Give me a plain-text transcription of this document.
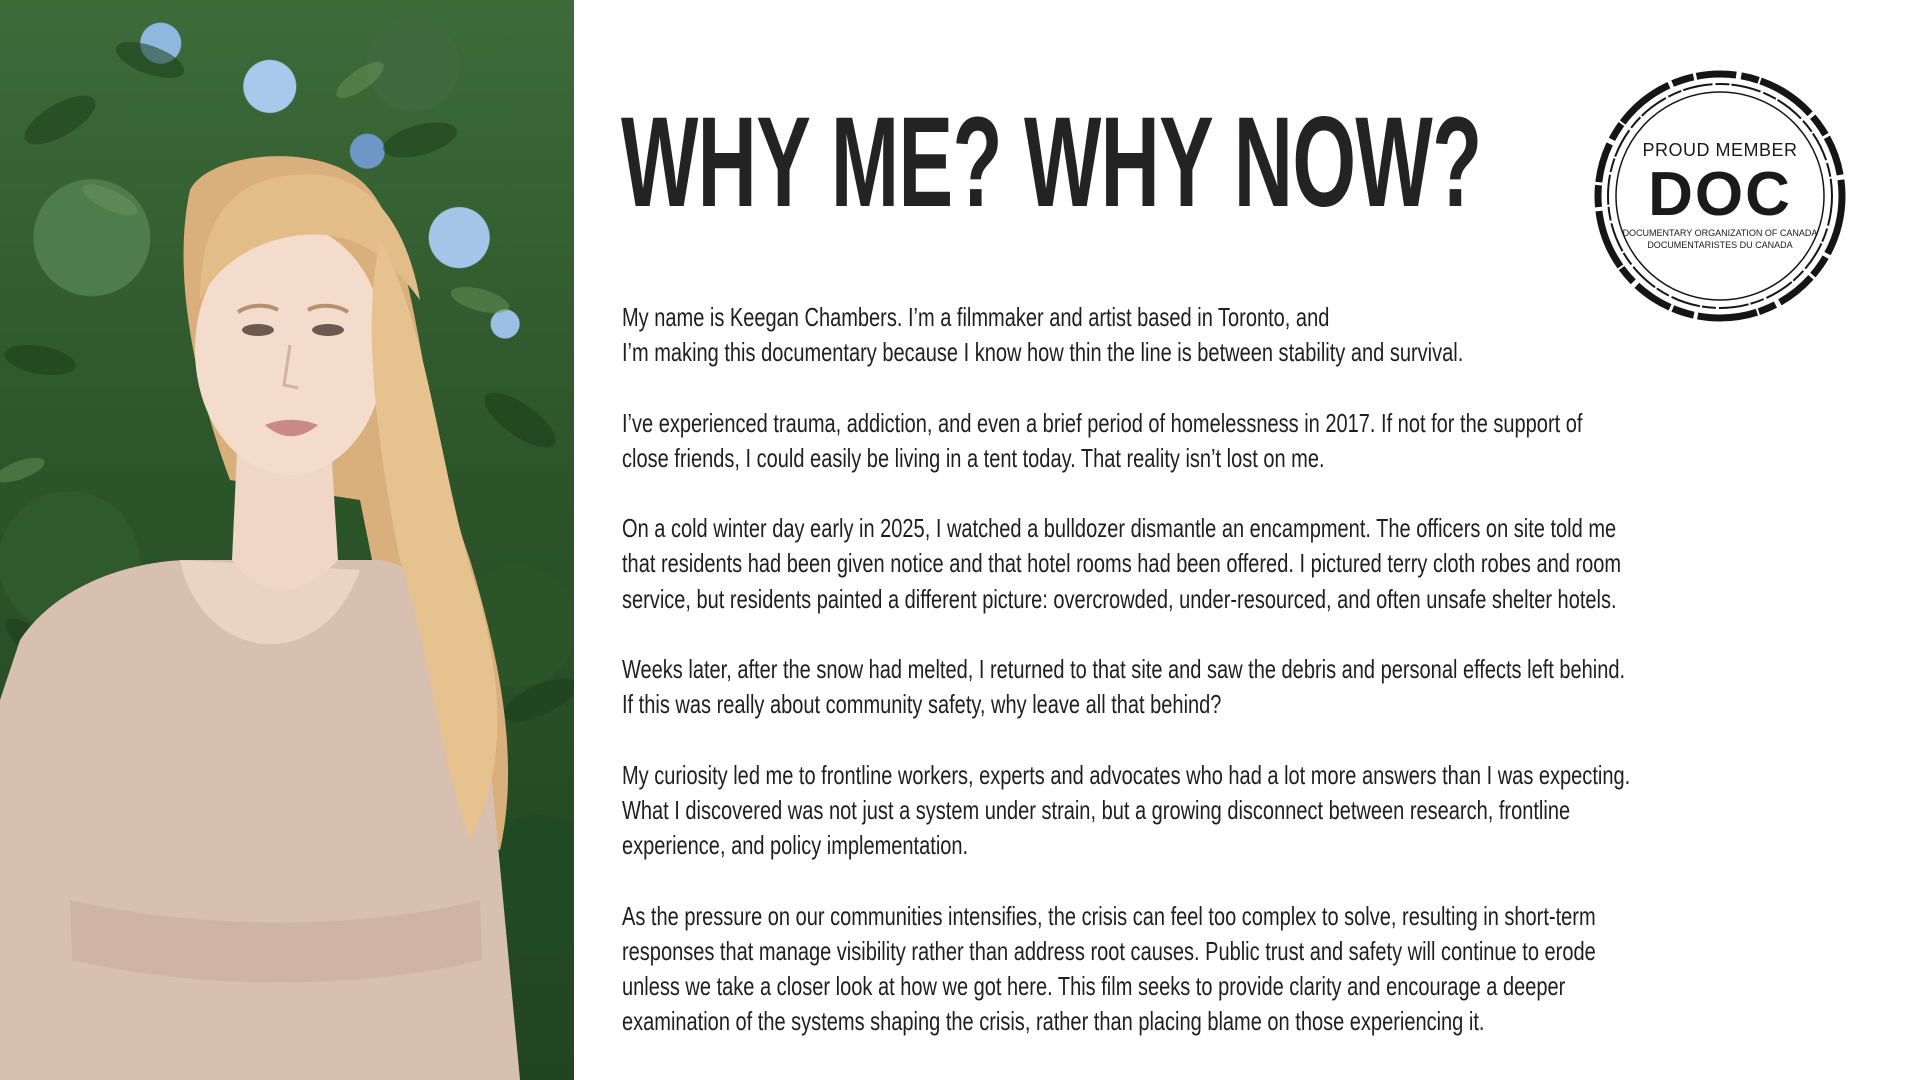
WHY ME? WHY NOW?	PROUD MEMBER
DOC
DOCUMENTARY ORGANIZATION OF CANADA
DOCUMENTARISTES DU CANADA

My name is Keegan Chambers. I’m a filmmaker and artist based in Toronto, and
I’m making this documentary because I know how thin the line is between stability and survival.

I’ve experienced trauma, addiction, and even a brief period of homelessness in 2017. If not for the support of
close friends, I could easily be living in a tent today. That reality isn’t lost on me.

On a cold winter day early in 2025, I watched a bulldozer dismantle an encampment. The officers on site told me
that residents had been given notice and that hotel rooms had been offered. I pictured terry cloth robes and room
service, but residents painted a different picture: overcrowded, under-resourced, and often unsafe shelter hotels.

Weeks later, after the snow had melted, I returned to that site and saw the debris and personal effects left behind.
If this was really about community safety, why leave all that behind?

My curiosity led me to frontline workers, experts and advocates who had a lot more answers than I was expecting.
What I discovered was not just a system under strain, but a growing disconnect between research, frontline
experience, and policy implementation.

As the pressure on our communities intensifies, the crisis can feel too complex to solve, resulting in short-term
responses that manage visibility rather than address root causes. Public trust and safety will continue to erode
unless we take a closer look at how we got here. This film seeks to provide clarity and encourage a deeper
examination of the systems shaping the crisis, rather than placing blame on those experiencing it.
